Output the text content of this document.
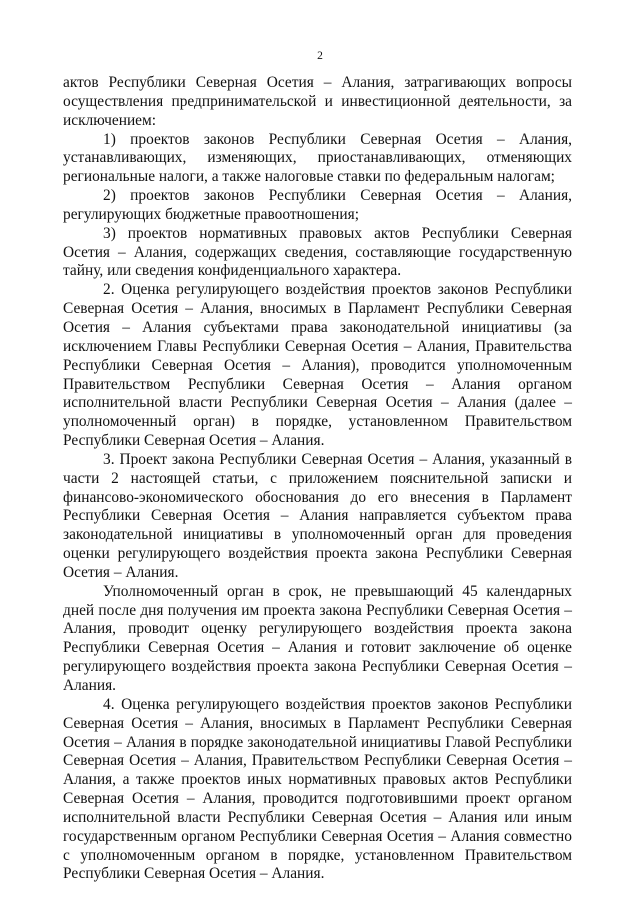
2

актов Республики Северная Осетия – Алания, затрагивающих вопросы осуществления предпринимательской и инвестиционной деятельности, за исключением:

1) проектов законов Республики Северная Осетия – Алания, устанавливающих, изменяющих, приостанавливающих, отменяющих региональные налоги, а также налоговые ставки по федеральным налогам;

2) проектов законов Республики Северная Осетия – Алания, регулирующих бюджетные правоотношения;

3) проектов нормативных правовых актов Республики Северная Осетия – Алания, содержащих сведения, составляющие государственную тайну, или сведения конфиденциального характера.

2. Оценка регулирующего воздействия проектов законов Республики Северная Осетия – Алания, вносимых в Парламент Республики Северная Осетия – Алания субъектами права законодательной инициативы (за исключением Главы Республики Северная Осетия – Алания, Правительства Республики Северная Осетия – Алания), проводится уполномоченным Правительством Республики Северная Осетия – Алания органом исполнительной власти Республики Северная Осетия – Алания (далее – уполномоченный орган) в порядке, установленном Правительством Республики Северная Осетия – Алания.

3. Проект закона Республики Северная Осетия – Алания, указанный в части 2 настоящей статьи, с приложением пояснительной записки и финансово-экономического обоснования до его внесения в Парламент Республики Северная Осетия – Алания направляется субъектом права законодательной инициативы в уполномоченный орган для проведения оценки регулирующего воздействия проекта закона Республики Северная Осетия – Алания.

Уполномоченный орган в срок, не превышающий 45 календарных дней после дня получения им проекта закона Республики Северная Осетия – Алания, проводит оценку регулирующего воздействия проекта закона Республики Северная Осетия – Алания и готовит заключение об оценке регулирующего воздействия проекта закона Республики Северная Осетия – Алания.

4. Оценка регулирующего воздействия проектов законов Республики Северная Осетия – Алания, вносимых в Парламент Республики Северная Осетия – Алания в порядке законодательной инициативы Главой Республики Северная Осетия – Алания, Правительством Республики Северная Осетия – Алания, а также проектов иных нормативных правовых актов Республики Северная Осетия – Алания, проводится подготовившими проект органом исполнительной власти Республики Северная Осетия – Алания или иным государственным органом Республики Северная Осетия – Алания совместно с уполномоченным органом в порядке, установленном Правительством Республики Северная Осетия – Алания.
